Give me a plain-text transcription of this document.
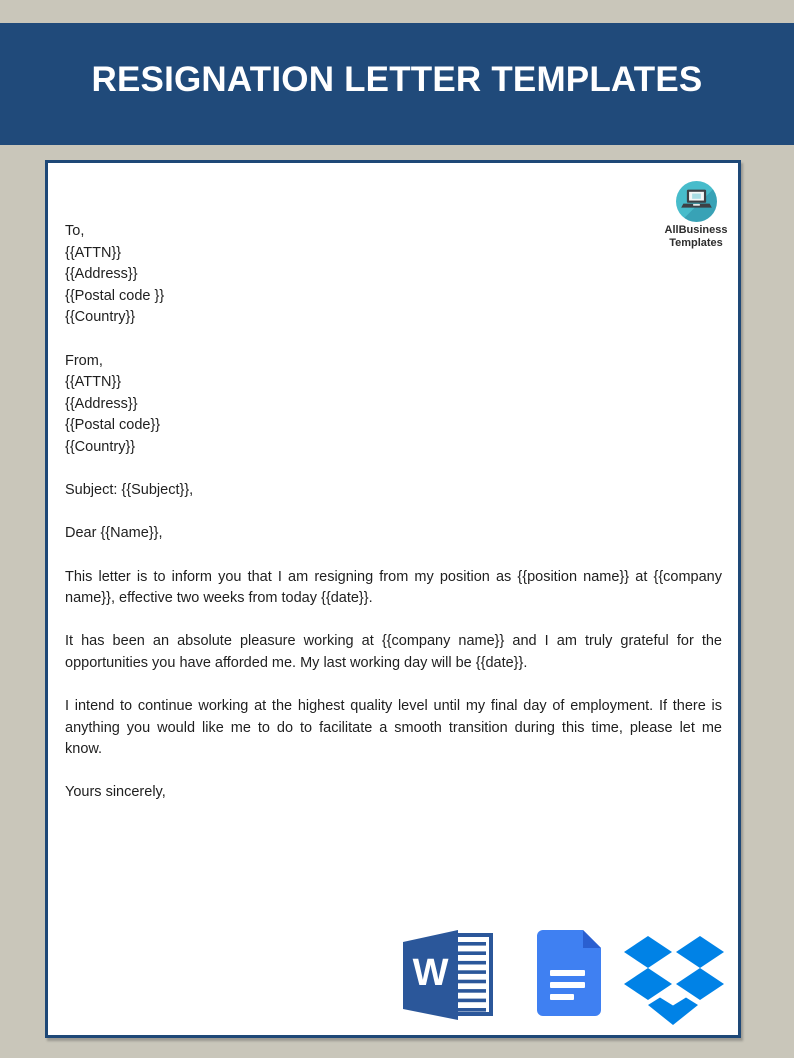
RESIGNATION LETTER TEMPLATES
AllBusiness
Templates
To,
{{ATTN}}
{{Address}}
{{Postal code }}
{{Country}}
From,
{{ATTN}}
{{Address}}
{{Postal code}}
{{Country}}
Subject: {{Subject}},
Dear {{Name}},
This letter is to inform you that I am resigning from my position as {{position name}} at {{company
name}}, effective two weeks from today {{date}}.
It has been an absolute pleasure working at {{company name}} and I am truly grateful for the
opportunities you have afforded me. My last working day will be {{date}}.
I intend to continue working at the highest quality level until my final day of employment. If there is
anything you would like me to do to facilitate a smooth transition during this time, please let me
know.
Yours sincerely,
W
